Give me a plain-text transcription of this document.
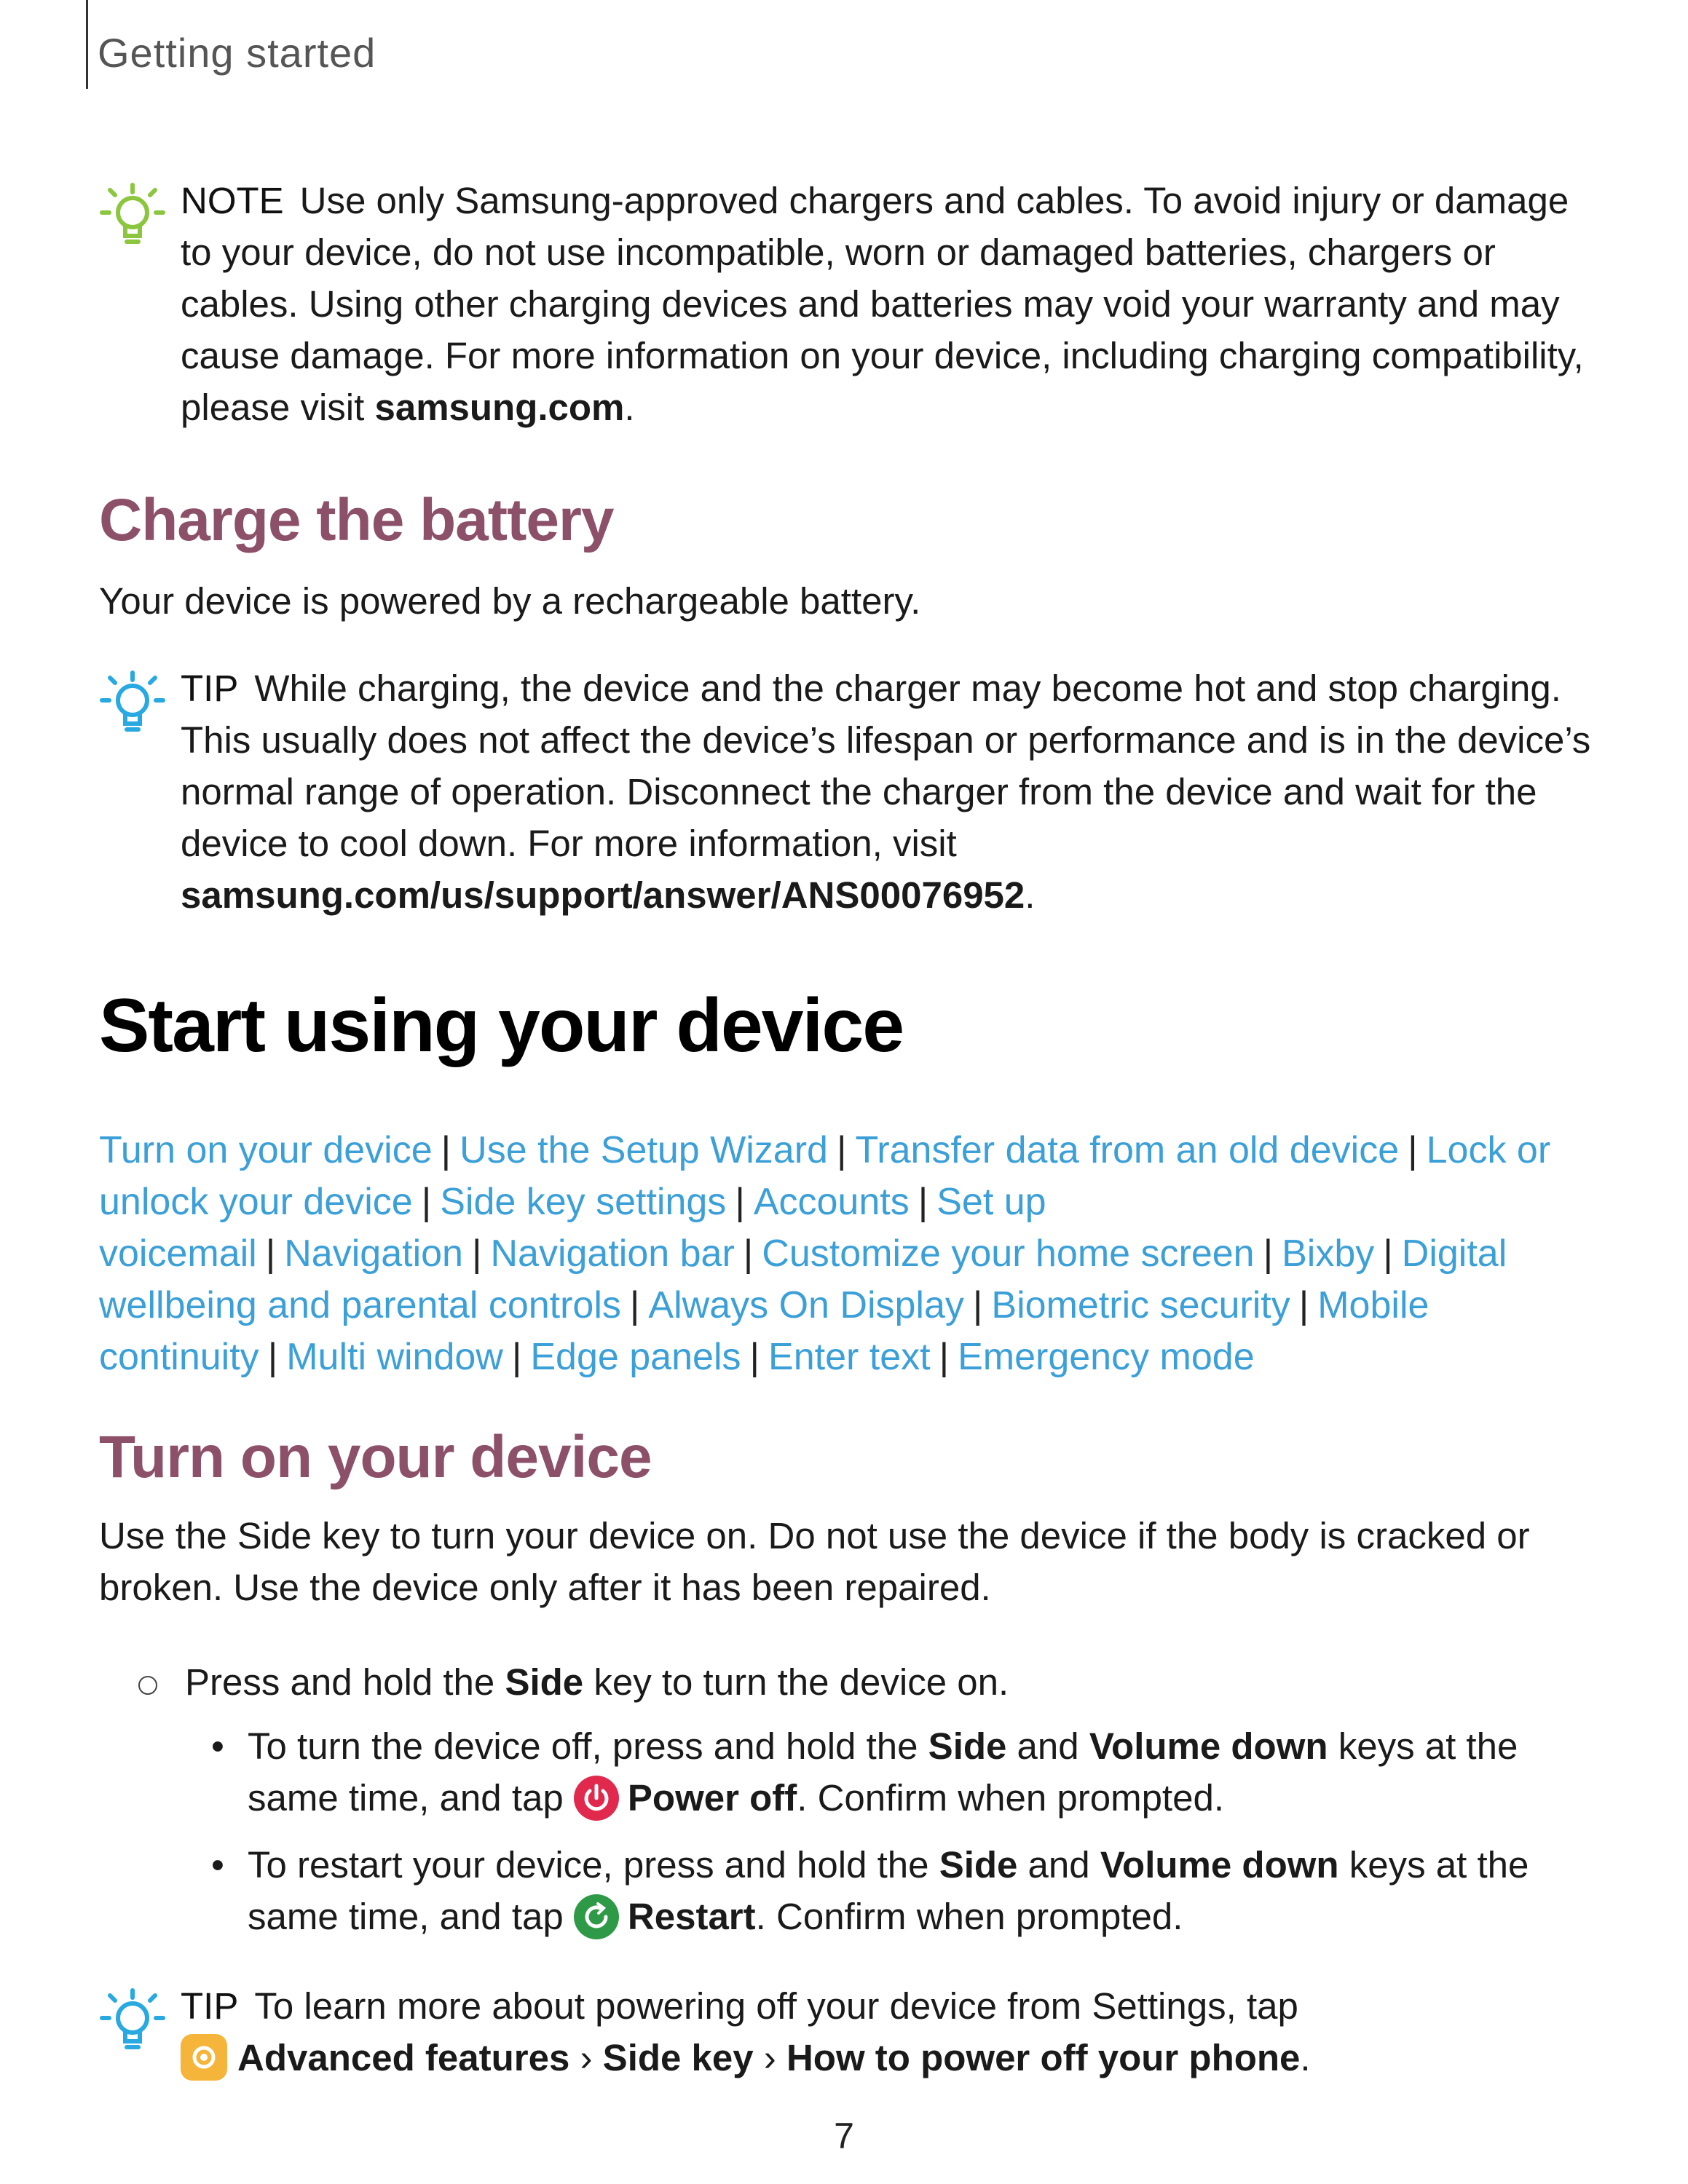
Getting started
NOTE Use only Samsung-approved chargers and cables. To avoid injury or damage to your device, do not use incompatible, worn or damaged batteries, chargers or cables. Using other charging devices and batteries may void your warranty and may cause damage. For more information on your device, including charging compatibility, please visit samsung.com.
Charge the battery

Your device is powered by a rechargeable battery.

TIP While charging, the device and the charger may become hot and stop charging. This usually does not affect the device’s lifespan or performance and is in the device’s normal range of operation. Disconnect the charger from the device and wait for the device to cool down. For more information, visit samsung.com/us/support/answer/ANS00076952.
Start using your device
Turn on your device | Use the Setup Wizard | Transfer data from an old device | Lock or unlock your device | Side key settings | Accounts | Set up voicemail | Navigation | Navigation bar | Customize your home screen | Bixby | Digital wellbeing and parental controls | Always On Display | Biometric security | Mobile continuity | Multi window | Edge panels | Enter text | Emergency mode
Turn on your device

Use the Side key to turn your device on. Do not use the device if the body is cracked or broken. Use the device only after it has been repaired.

Press and hold the Side key to turn the device on.
• To turn the device off, press and hold the Side and Volume down keys at the same time, and tap Power off. Confirm when prompted.
• To restart your device, press and hold the Side and Volume down keys at the same time, and tap Restart. Confirm when prompted.
TIP To learn more about powering off your device from Settings, tap
Advanced features › Side key › How to power off your phone.
7
